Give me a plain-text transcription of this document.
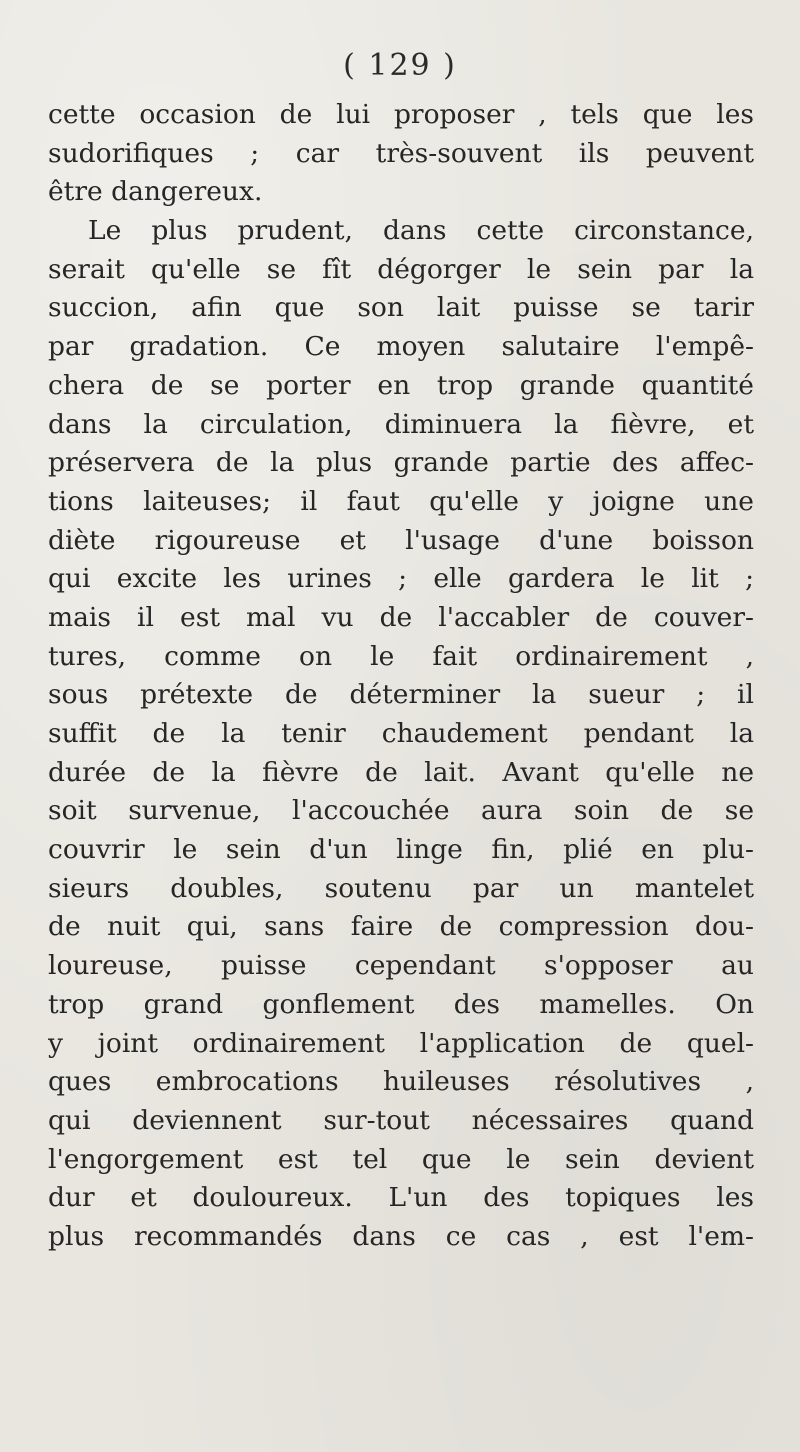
( 129 )
cette occasion de lui proposer , tels que les
sudorifiques ; car très-souvent ils peuvent
être dangereux.
Le plus prudent, dans cette circonstance,
serait qu'elle se fît dégorger le sein par la
succion, afin que son lait puisse se tarir
par gradation. Ce moyen salutaire l'empê-
chera de se porter en trop grande quantité
dans la circulation, diminuera la fièvre, et
préservera de la plus grande partie des affec-
tions laiteuses; il faut qu'elle y joigne une
diète rigoureuse et l'usage d'une boisson
qui excite les urines ; elle gardera le lit ;
mais il est mal vu de l'accabler de couver-
tures, comme on le fait ordinairement ,
sous prétexte de déterminer la sueur ; il
suffit de la tenir chaudement pendant la
durée de la fièvre de lait. Avant qu'elle ne
soit survenue, l'accouchée aura soin de se
couvrir le sein d'un linge fin, plié en plu-
sieurs doubles, soutenu par un mantelet
de nuit qui, sans faire de compression dou-
loureuse, puisse cependant s'opposer au
trop grand gonflement des mamelles. On
y joint ordinairement l'application de quel-
ques embrocations huileuses résolutives ,
qui deviennent sur-tout nécessaires quand
l'engorgement est tel que le sein devient
dur et douloureux. L'un des topiques les
plus recommandés dans ce cas , est l'em-
